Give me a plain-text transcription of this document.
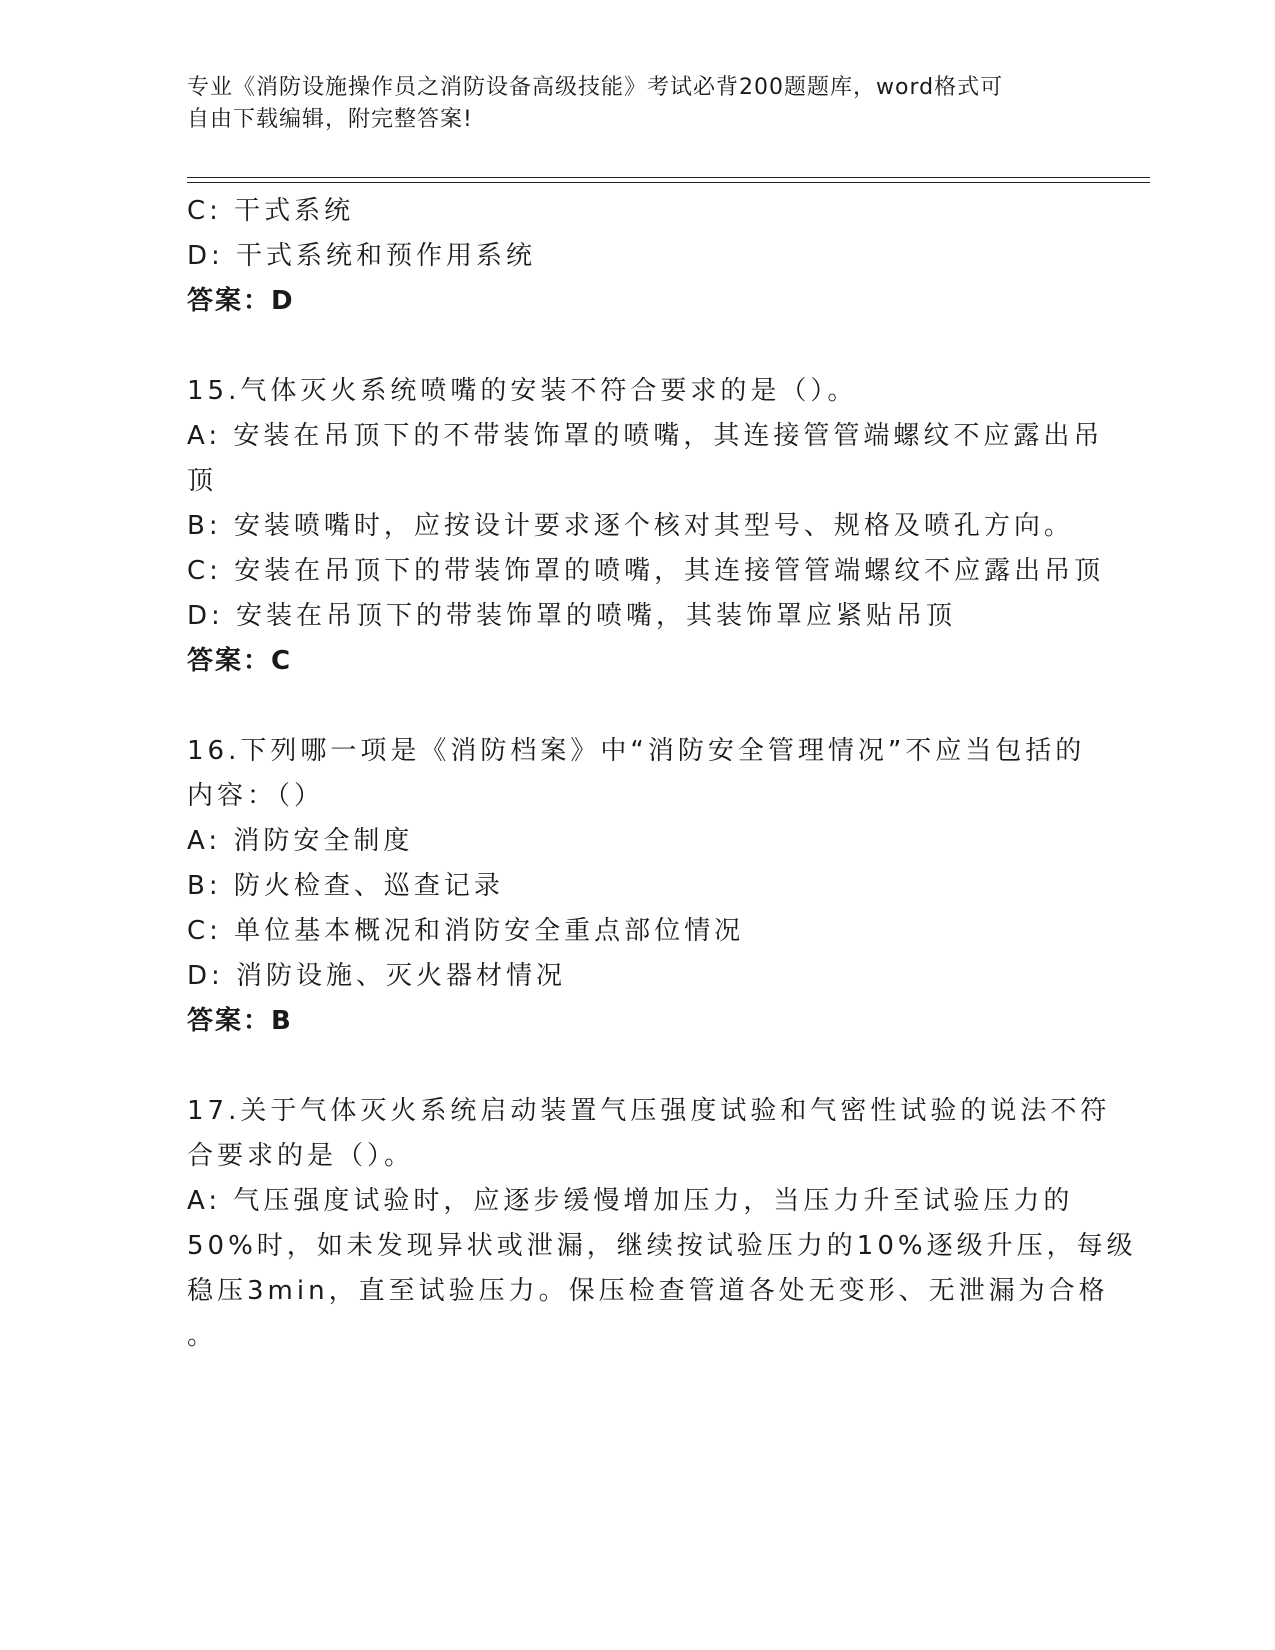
专业《消防设施操作员之消防设备高级技能》考试必背200题题库，word格式可
自由下载编辑，附完整答案!
C: 干式系统
D: 干式系统和预作用系统
答案：D
15.气体灭火系统喷嘴的安装不符合要求的是（）。
A: 安装在吊顶下的不带装饰罩的喷嘴，其连接管管端螺纹不应露出吊
顶
B: 安装喷嘴时，应按设计要求逐个核对其型号、规格及喷孔方向。
C: 安装在吊顶下的带装饰罩的喷嘴，其连接管管端螺纹不应露出吊顶
D: 安装在吊顶下的带装饰罩的喷嘴，其装饰罩应紧贴吊顶
答案：C
16.下列哪一项是《消防档案》中“消防安全管理情况”不应当包括的
内容：（）
A: 消防安全制度
B: 防火检查、巡查记录
C: 单位基本概况和消防安全重点部位情况
D: 消防设施、灭火器材情况
答案：B
17.关于气体灭火系统启动装置气压强度试验和气密性试验的说法不符
合要求的是（）。
A: 气压强度试验时，应逐步缓慢增加压力，当压力升至试验压力的
50%时，如未发现异状或泄漏，继续按试验压力的10%逐级升压，每级
稳压3min，直至试验压力。保压检查管道各处无变形、无泄漏为合格
。
